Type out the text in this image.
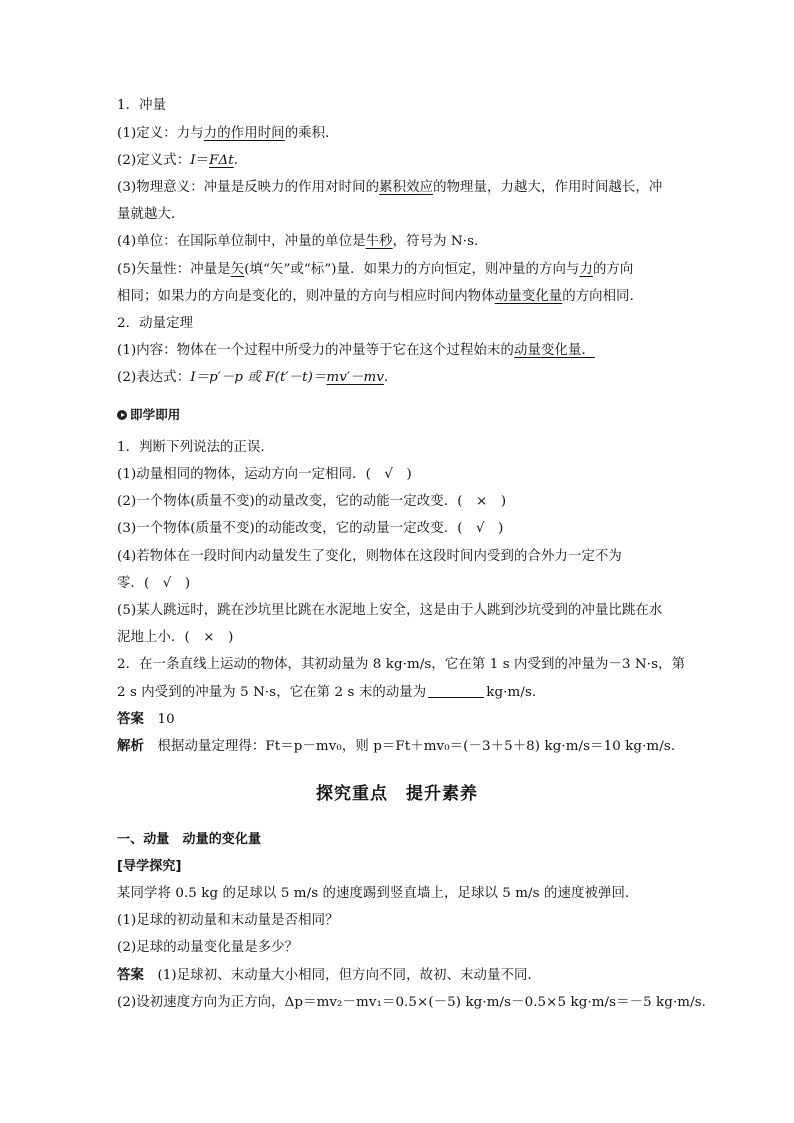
1．冲量
(1)定义：力与力的作用时间的乘积．
(2)定义式：I＝FΔt.
(3)物理意义：冲量是反映力的作用对时间的累积效应的物理量，力越大，作用时间越长，冲
量就越大．
(4)单位：在国际单位制中，冲量的单位是牛秒，符号为 N·s.
(5)矢量性：冲量是矢(填“矢”或“标”)量．如果力的方向恒定，则冲量的方向与力的方向
相同；如果力的方向是变化的，则冲量的方向与相应时间内物体动量变化量的方向相同．
2．动量定理
(1)内容：物体在一个过程中所受力的冲量等于它在这个过程始末的动量变化量．
(2)表达式：I＝p′－p 或 F(t′－t)＝mv′－mv.
即学即用
1．判断下列说法的正误．
(1)动量相同的物体，运动方向一定相同．(　√　)
(2)一个物体(质量不变)的动量改变，它的动能一定改变．(　×　)
(3)一个物体(质量不变)的动能改变，它的动量一定改变．(　√　)
(4)若物体在一段时间内动量发生了变化，则物体在这段时间内受到的合外力一定不为
零．(　√　)
(5)某人跳远时，跳在沙坑里比跳在水泥地上安全，这是由于人跳到沙坑受到的冲量比跳在水
泥地上小．(　×　)
2．在一条直线上运动的物体，其初动量为 8 kg·m/s，它在第 1 s 内受到的冲量为－3 N·s，第
2 s 内受到的冲量为 5 N·s，它在第 2 s 末的动量为	kg·m/s.
答案　 10
解析　 根据动量定理得：Ft＝p－mv₀，则 p＝Ft＋mv₀＝(－3＋5＋8) kg·m/s＝10 kg·m/s.
探究重点　提升素养
一、动量　动量的变化量
[导学探究]
某同学将 0.5 kg 的足球以 5 m/s 的速度踢到竖直墙上，足球以 5 m/s 的速度被弹回．
(1)足球的初动量和末动量是否相同？
(2)足球的动量变化量是多少？
答案　 (1)足球初、末动量大小相同，但方向不同，故初、末动量不同．
(2)设初速度方向为正方向，Δp＝mv₂－mv₁＝0.5×(－5) kg·m/s－0.5×5 kg·m/s＝－5 kg·m/s.
